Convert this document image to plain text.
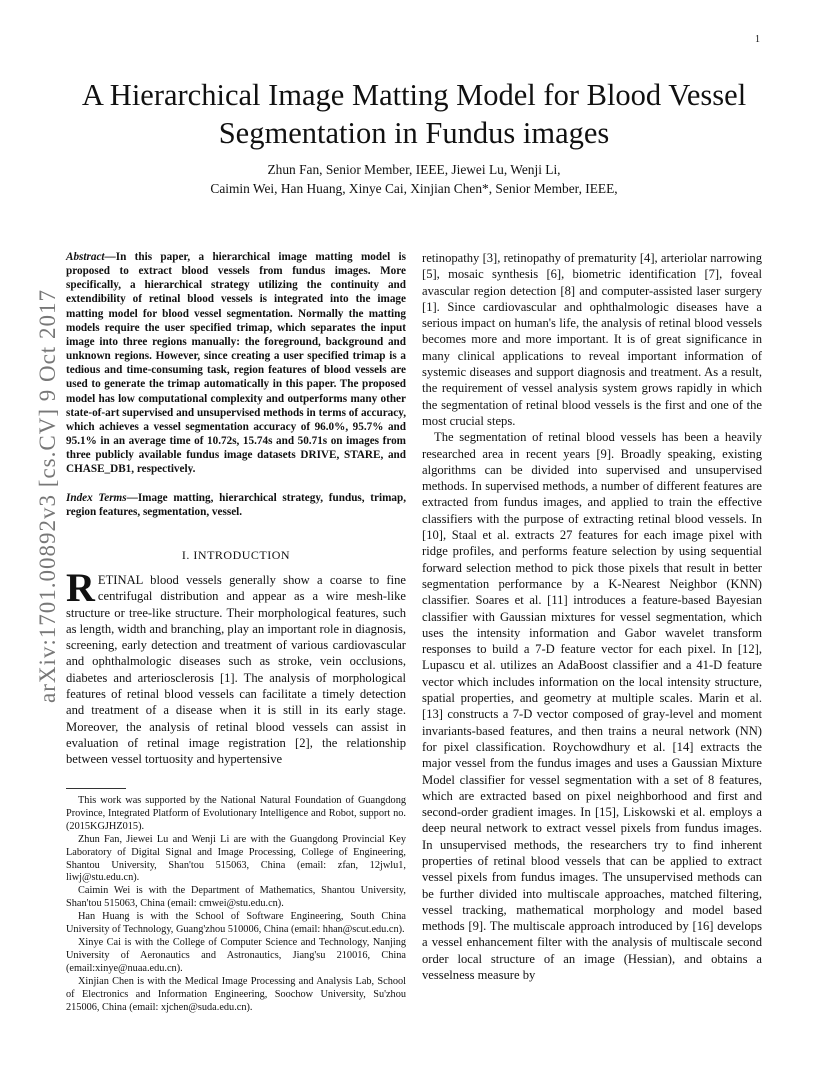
1
arXiv:1701.00892v3 [cs.CV] 9 Oct 2017
A Hierarchical Image Matting Model for Blood Vessel Segmentation in Fundus images
Zhun Fan, Senior Member, IEEE, Jiewei Lu, Wenji Li,
Caimin Wei, Han Huang, Xinye Cai, Xinjian Chen*, Senior Member, IEEE,
Abstract—In this paper, a hierarchical image matting model is proposed to extract blood vessels from fundus images. More specifically, a hierarchical strategy utilizing the continuity and extendibility of retinal blood vessels is integrated into the image matting model for blood vessel segmentation. Normally the matting models require the user specified trimap, which separates the input image into three regions manually: the foreground, background and unknown regions. However, since creating a user specified trimap is a tedious and time-consuming task, region features of blood vessels are used to generate the trimap automatically in this paper. The proposed model has low computational complexity and outperforms many other state-of-art supervised and unsupervised methods in terms of accuracy, which achieves a vessel segmentation accuracy of 96.0%, 95.7% and 95.1% in an average time of 10.72s, 15.74s and 50.71s on images from three publicly available fundus image datasets DRIVE, STARE, and CHASE_DB1, respectively.
Index Terms—Image matting, hierarchical strategy, fundus, trimap, region features, segmentation, vessel.
I. INTRODUCTION
RETINAL blood vessels generally show a coarse to fine centrifugal distribution and appear as a wire mesh-like structure or tree-like structure. Their morphological features, such as length, width and branching, play an important role in diagnosis, screening, early detection and treatment of various cardiovascular and ophthalmologic diseases such as stroke, vein occlusions, diabetes and arteriosclerosis [1]. The analysis of morphological features of retinal blood vessels can facilitate a timely detection and treatment of a disease when it is still in its early stage. Moreover, the analysis of retinal blood vessels can assist in evaluation of retinal image registration [2], the relationship between vessel tortuosity and hypertensive

This work was supported by the National Natural Foundation of Guangdong Province, Integrated Platform of Evolutionary Intelligence and Robot, support no.(2015KGJHZ015).

Zhun Fan, Jiewei Lu and Wenji Li are with the Guangdong Provincial Key Laboratory of Digital Signal and Image Processing, College of Engineering, Shantou University, Shan'tou 515063, China (email: zfan, 12jwlu1, liwj@stu.edu.cn).

Caimin Wei is with the Department of Mathematics, Shantou University, Shan'tou 515063, China (email: cmwei@stu.edu.cn).

Han Huang is with the School of Software Engineering, South China University of Technology, Guang'zhou 510006, China (email: hhan@scut.edu.cn).

Xinye Cai is with the College of Computer Science and Technology, Nanjing University of Aeronautics and Astronautics, Jiang'su 210016, China (email:xinye@nuaa.edu.cn).

Xinjian Chen is with the Medical Image Processing and Analysis Lab, School of Electronics and Information Engineering, Soochow University, Su'zhou 215006, China (email: xjchen@suda.edu.cn).

retinopathy [3], retinopathy of prematurity [4], arteriolar narrowing [5], mosaic synthesis [6], biometric identification [7], foveal avascular region detection [8] and computer-assisted laser surgery [1]. Since cardiovascular and ophthalmologic diseases have a serious impact on human's life, the analysis of retinal blood vessels becomes more and more important. It is of great significance in many clinical applications to reveal important information of systemic diseases and support diagnosis and treatment. As a result, the requirement of vessel analysis system grows rapidly in which the segmentation of retinal blood vessels is the first and one of the most crucial steps.

The segmentation of retinal blood vessels has been a heavily researched area in recent years [9]. Broadly speaking, existing algorithms can be divided into supervised and unsupervised methods. In supervised methods, a number of different features are extracted from fundus images, and applied to train the effective classifiers with the purpose of extracting retinal blood vessels. In [10], Staal et al. extracts 27 features for each image pixel with ridge profiles, and performs feature selection by using sequential forward selection method to pick those pixels that result in better segmentation performance by a K-Nearest Neighbor (KNN) classifier. Soares et al. [11] introduces a feature-based Bayesian classifier with Gaussian mixtures for vessel segmentation, which uses the intensity information and Gabor wavelet transform responses to build a 7-D feature vector for each pixel. In [12], Lupascu et al. utilizes an AdaBoost classifier and a 41-D feature vector which includes information on the local intensity structure, spatial properties, and geometry at multiple scales. Marin et al. [13] constructs a 7-D vector composed of gray-level and moment invariants-based features, and then trains a neural network (NN) for pixel classification. Roychowdhury et al. [14] extracts the major vessel from the fundus images and uses a Gaussian Mixture Model classifier for vessel segmentation with a set of 8 features, which are extracted based on pixel neighborhood and first and second-order gradient images. In [15], Liskowski et al. employs a deep neural network to extract vessel pixels from fundus images. In unsupervised methods, the researchers try to find inherent properties of retinal blood vessels that can be applied to extract vessel pixels from fundus images. The unsupervised methods can be further divided into multiscale approaches, matched filtering, vessel tracking, mathematical morphology and model based methods [9]. The multiscale approach introduced by [16] develops a vessel enhancement filter with the analysis of multiscale second order local structure of an image (Hessian), and obtains a vesselness measure by
